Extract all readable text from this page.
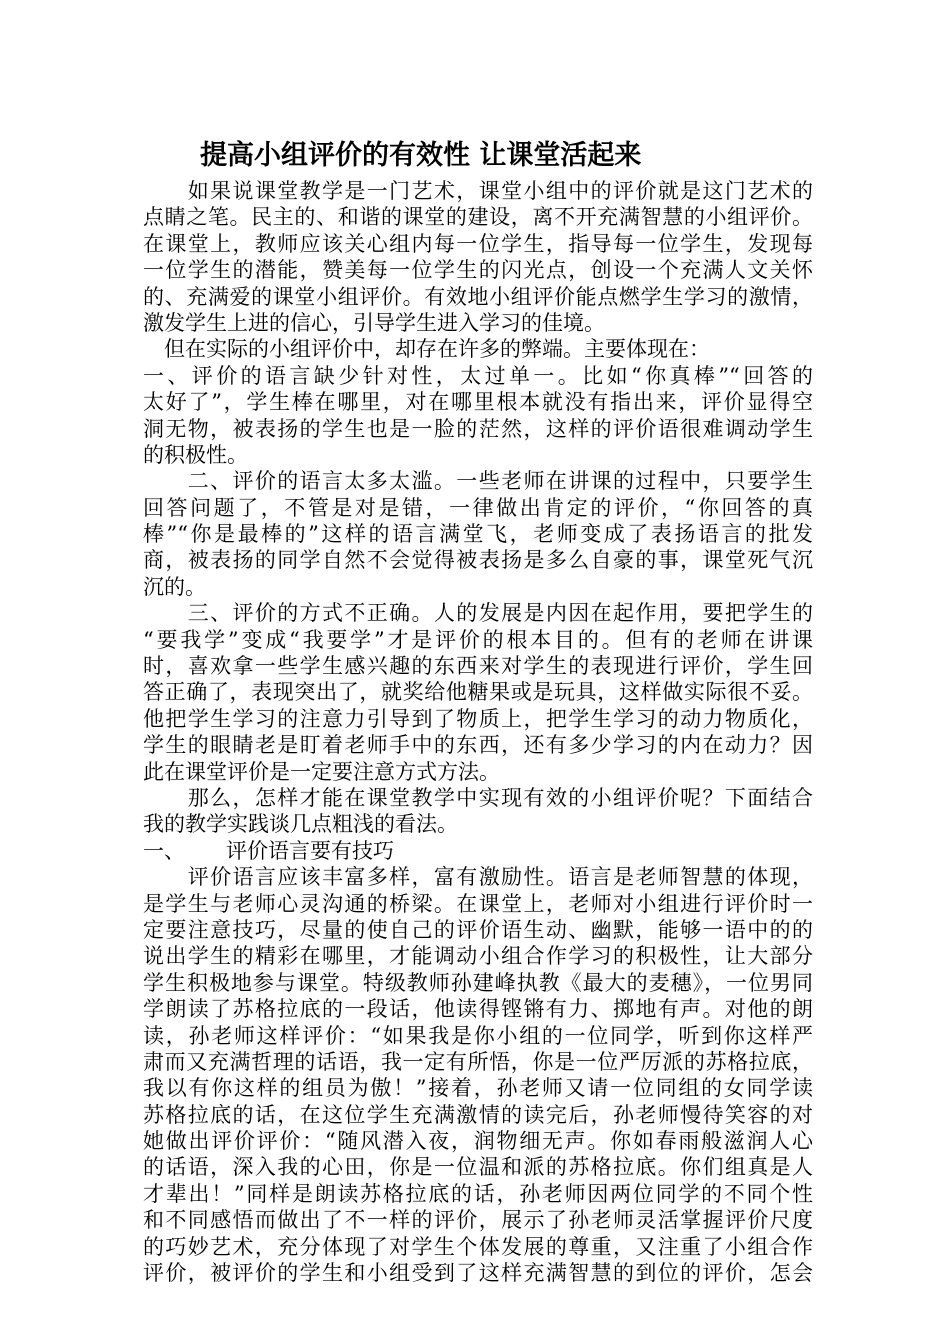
提高小组评价的有效性 让课堂活起来
　　如果说课堂教学是一门艺术，课堂小组中的评价就是这门艺术的
点睛之笔。民主的、和谐的课堂的建设，离不开充满智慧的小组评价。
在课堂上，教师应该关心组内每一位学生，指导每一位学生，发现每
一位学生的潜能，赞美每一位学生的闪光点，创设一个充满人文关怀
的、充满爱的课堂小组评价。有效地小组评价能点燃学生学习的激情，
激发学生上进的信心，引导学生进入学习的佳境。
　但在实际的小组评价中，却存在许多的弊端。主要体现在：
一、评价的语言缺少针对性，太过单一。比如“你真棒”“回答的
太好了”，学生棒在哪里，对在哪里根本就没有指出来，评价显得空
洞无物，被表扬的学生也是一脸的茫然，这样的评价语很难调动学生
的积极性。
　　二、评价的语言太多太滥。一些老师在讲课的过程中，只要学生
回答问题了，不管是对是错，一律做出肯定的评价，“你回答的真
棒”“你是最棒的”这样的语言满堂飞，老师变成了表扬语言的批发
商，被表扬的同学自然不会觉得被表扬是多么自豪的事，课堂死气沉
沉的。
　　三、评价的方式不正确。人的发展是内因在起作用，要把学生的
“要我学”变成“我要学”才是评价的根本目的。但有的老师在讲课
时，喜欢拿一些学生感兴趣的东西来对学生的表现进行评价，学生回
答正确了，表现突出了，就奖给他糖果或是玩具，这样做实际很不妥。
他把学生学习的注意力引导到了物质上，把学生学习的动力物质化，
学生的眼睛老是盯着老师手中的东西，还有多少学习的内在动力？因
此在课堂评价是一定要注意方式方法。
　　那么，怎样才能在课堂教学中实现有效的小组评价呢？下面结合
我的教学实践谈几点粗浅的看法。
一、 评价语言要有技巧
　　评价语言应该丰富多样，富有激励性。语言是老师智慧的体现，
是学生与老师心灵沟通的桥梁。在课堂上，老师对小组进行评价时一
定要注意技巧，尽量的使自己的评价语生动、幽默，能够一语中的的
说出学生的精彩在哪里，才能调动小组合作学习的积极性，让大部分
学生积极地参与课堂。特级教师孙建峰执教《最大的麦穗》，一位男同
学朗读了苏格拉底的一段话，他读得铿锵有力、掷地有声。对他的朗
读，孙老师这样评价：“如果我是你小组的一位同学，听到你这样严
肃而又充满哲理的话语，我一定有所悟，你是一位严厉派的苏格拉底，
我以有你这样的组员为傲！”接着，孙老师又请一位同组的女同学读
苏格拉底的话，在这位学生充满激情的读完后，孙老师慢待笑容的对
她做出评价评价：“随风潜入夜，润物细无声。你如春雨般滋润人心
的话语，深入我的心田，你是一位温和派的苏格拉底。你们组真是人
才辈出！”同样是朗读苏格拉底的话，孙老师因两位同学的不同个性
和不同感悟而做出了不一样的评价，展示了孙老师灵活掌握评价尺度
的巧妙艺术，充分体现了对学生个体发展的尊重，又注重了小组合作
评价，被评价的学生和小组受到了这样充满智慧的到位的评价，怎会
